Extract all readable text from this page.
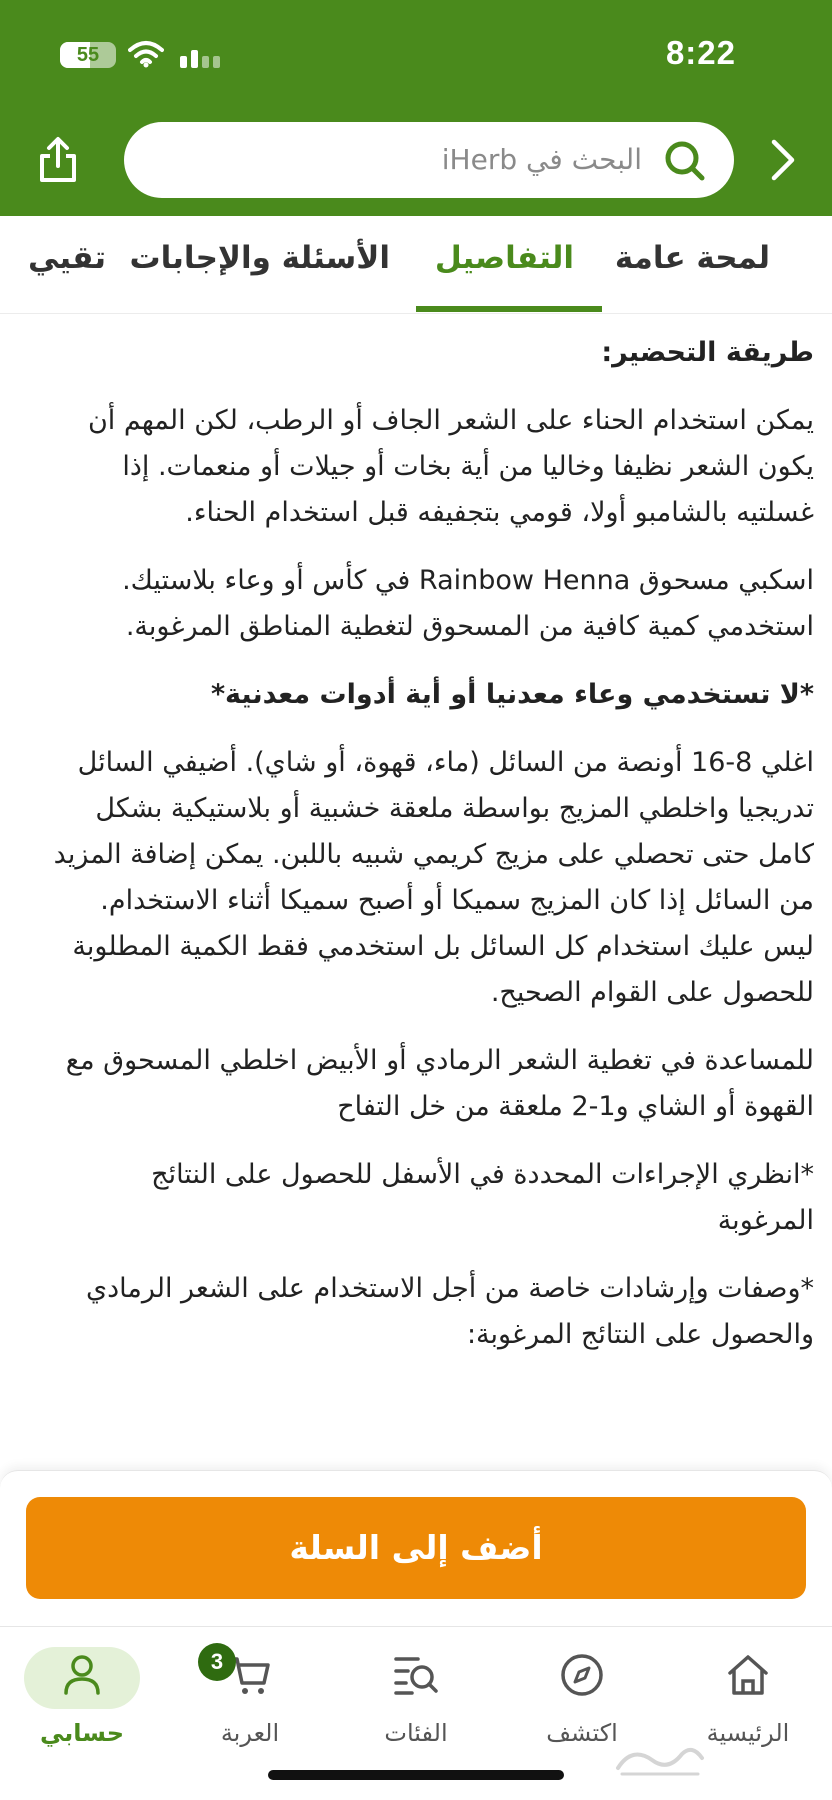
55	8:22
البحث في iHerb
لمحة عامة
التفاصيل
الأسئلة والإجابات
تقيي

طريقة التحضير:

يمكن استخدام الحناء على الشعر الجاف أو الرطب، لكن المهم أن يكون الشعر نظيفا وخاليا من أية بخات أو جيلات أو منعمات. إذا غسلتيه بالشامبو أولا، قومي بتجفيفه قبل استخدام الحناء.

اسكبي مسحوق Rainbow Henna في كأس أو وعاء بلاستيك. استخدمي كمية كافية من المسحوق لتغطية المناطق المرغوبة.

*لا تستخدمي وعاء معدنيا أو أية أدوات معدنية*

اغلي 8-16 أونصة من السائل (ماء، قهوة، أو شاي). أضيفي السائل تدريجيا واخلطي المزيج بواسطة ملعقة خشبية أو بلاستيكية بشكل كامل حتى تحصلي على مزيج كريمي شبيه باللبن. يمكن إضافة المزيد من السائل إذا كان المزيج سميكا أو أصبح سميكا أثناء الاستخدام. ليس عليك استخدام كل السائل بل استخدمي فقط الكمية المطلوبة للحصول على القوام الصحيح.

للمساعدة في تغطية الشعر الرمادي أو الأبيض اخلطي المسحوق مع القهوة أو الشاي و1-2 ملعقة من خل التفاح

*انظري الإجراءات المحددة في الأسفل للحصول على النتائج المرغوبة

*وصفات وإرشادات خاصة من أجل الاستخدام على الشعر الرمادي والحصول على النتائج المرغوبة:

أضف إلى السلة
الرئيسية
اكتشف
الفئات
3
العربة
حسابي
